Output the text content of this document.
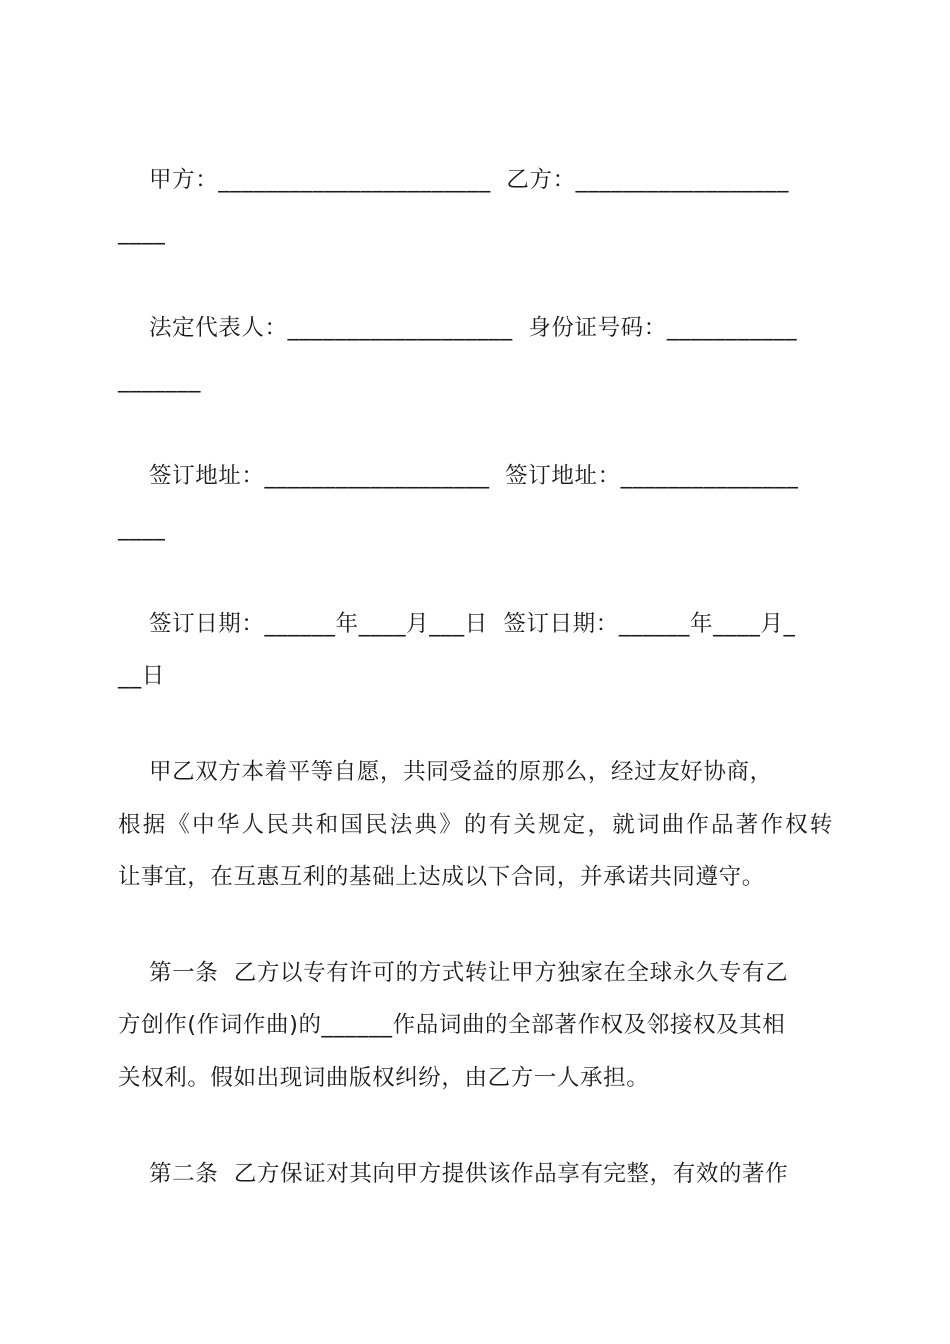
甲方：_______________________  乙方：__________________
____
法定代表人：___________________  身份证号码：___________
_______
签订地址：___________________  签订地址：_______________
____
签订日期：______年____月___日  签订日期：______年____月_
__日
甲乙双方本着平等自愿，共同受益的原那么，经过友好协商，
根据《中华人民共和国民法典》的有关规定，就词曲作品著作权转
让事宜，在互惠互利的基础上达成以下合同，并承诺共同遵守。
第一条  乙方以专有许可的方式转让甲方独家在全球永久专有乙
方创作(作词作曲)的______作品词曲的全部著作权及邻接权及其相
关权利。假如出现词曲版权纠纷，由乙方一人承担。
第二条  乙方保证对其向甲方提供该作品享有完整，有效的著作
